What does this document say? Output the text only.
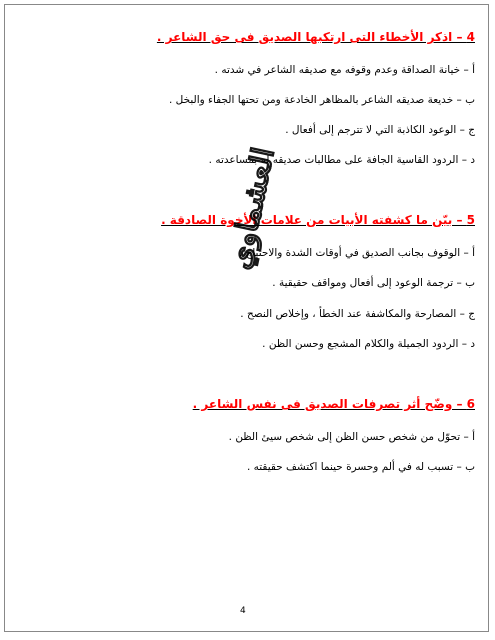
4 – اذكر الأخطاء التى ارتكبها الصديق فى حق الشاعر .
أ – خيانة الصداقة وعدم وقوفه مع صديقه الشاعر في شدته .
ب – خديعة صديقه الشاعر بالمظاهر الخادعة ومن تحتها الجفاء والبخل .
ج – الوعود الكاذبة التي لا تترجم إلى أفعال .
د – الردود القاسية الجافة على مطالبات صديقه له بمساعدته .
5 – بيّن ما كشفته الأبيات من علامات الأخوة الصادقة .
أ – الوقوف بجانب الصديق في أوقات الشدة والاحتياج .
ب – ترجمة الوعود إلى أفعال ومواقف حقيقية .
ج – المصارحة والمكاشفة عند الخطأ ، وإخلاص النصح .
د – الردود الجميلة والكلام المشجع وحسن الظن .
6 – وضّح أثر تصرفات الصديق فى نفس الشاعر .
أ – تحوّل من شخص حسن الظن إلى شخص سيئ الظن .
ب – تسبب له في ألم وحسرة حينما اكتشف حقيقته .
العشماوي
4
